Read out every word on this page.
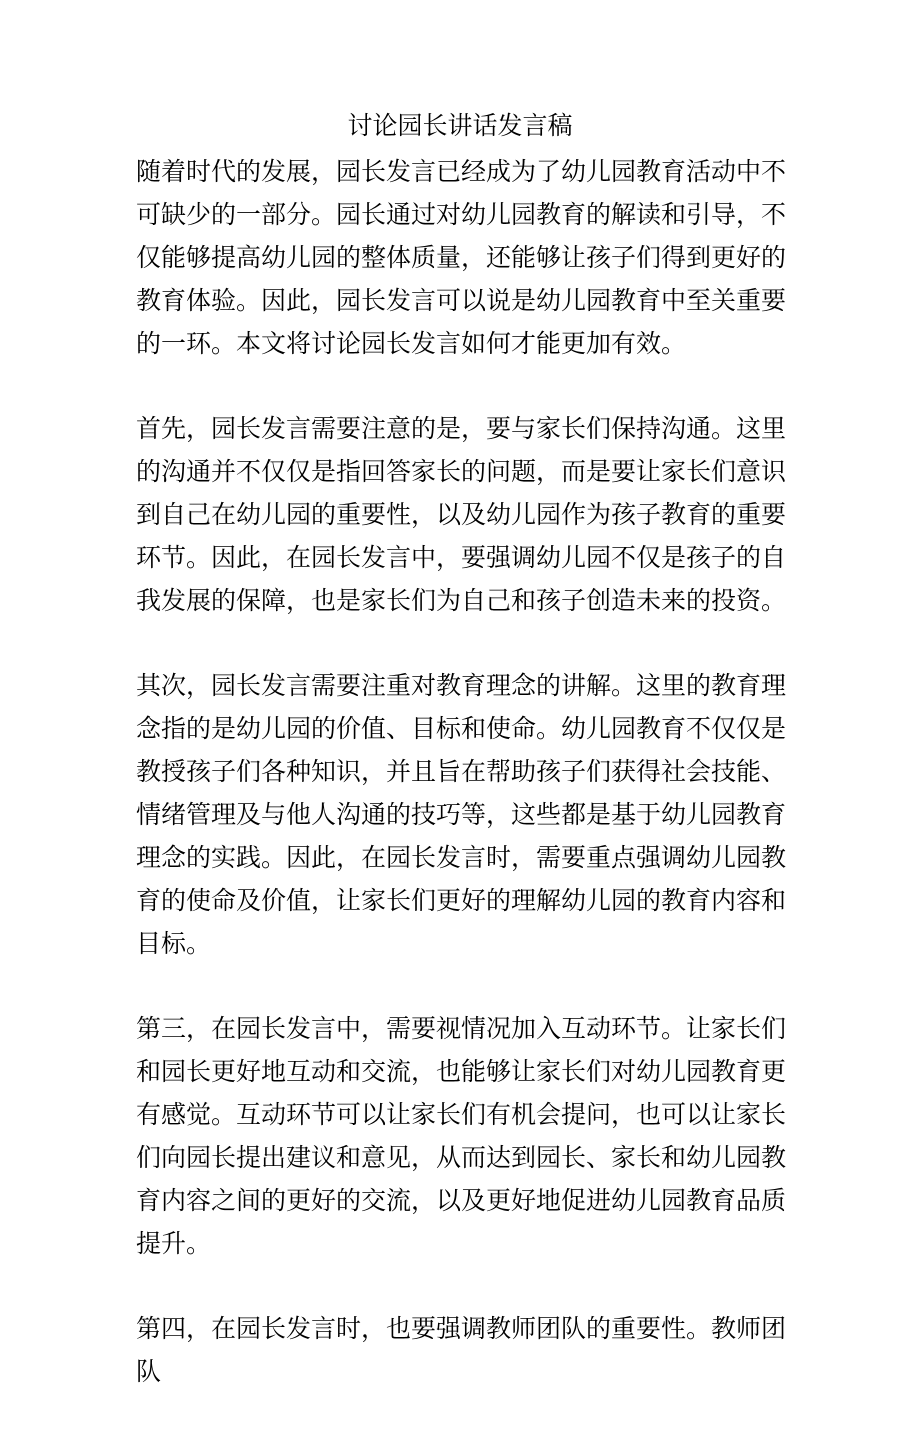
讨论园长讲话发言稿

随着时代的发展，园长发言已经成为了幼儿园教育活动中不可缺少的一部分。园长通过对幼儿园教育的解读和引导，不仅能够提高幼儿园的整体质量，还能够让孩子们得到更好的教育体验。因此，园长发言可以说是幼儿园教育中至关重要的一环。本文将讨论园长发言如何才能更加有效。

首先，园长发言需要注意的是，要与家长们保持沟通。这里的沟通并不仅仅是指回答家长的问题，而是要让家长们意识到自己在幼儿园的重要性，以及幼儿园作为孩子教育的重要环节。因此，在园长发言中，要强调幼儿园不仅是孩子的自我发展的保障，也是家长们为自己和孩子创造未来的投资。

其次，园长发言需要注重对教育理念的讲解。这里的教育理念指的是幼儿园的价值、目标和使命。幼儿园教育不仅仅是教授孩子们各种知识，并且旨在帮助孩子们获得社会技能、情绪管理及与他人沟通的技巧等，这些都是基于幼儿园教育理念的实践。因此，在园长发言时，需要重点强调幼儿园教育的使命及价值，让家长们更好的理解幼儿园的教育内容和目标。

第三，在园长发言中，需要视情况加入互动环节。让家长们和园长更好地互动和交流，也能够让家长们对幼儿园教育更有感觉。互动环节可以让家长们有机会提问，也可以让家长们向园长提出建议和意见，从而达到园长、家长和幼儿园教育内容之间的更好的交流，以及更好地促进幼儿园教育品质提升。

第四，在园长发言时，也要强调教师团队的重要性。教师团队
